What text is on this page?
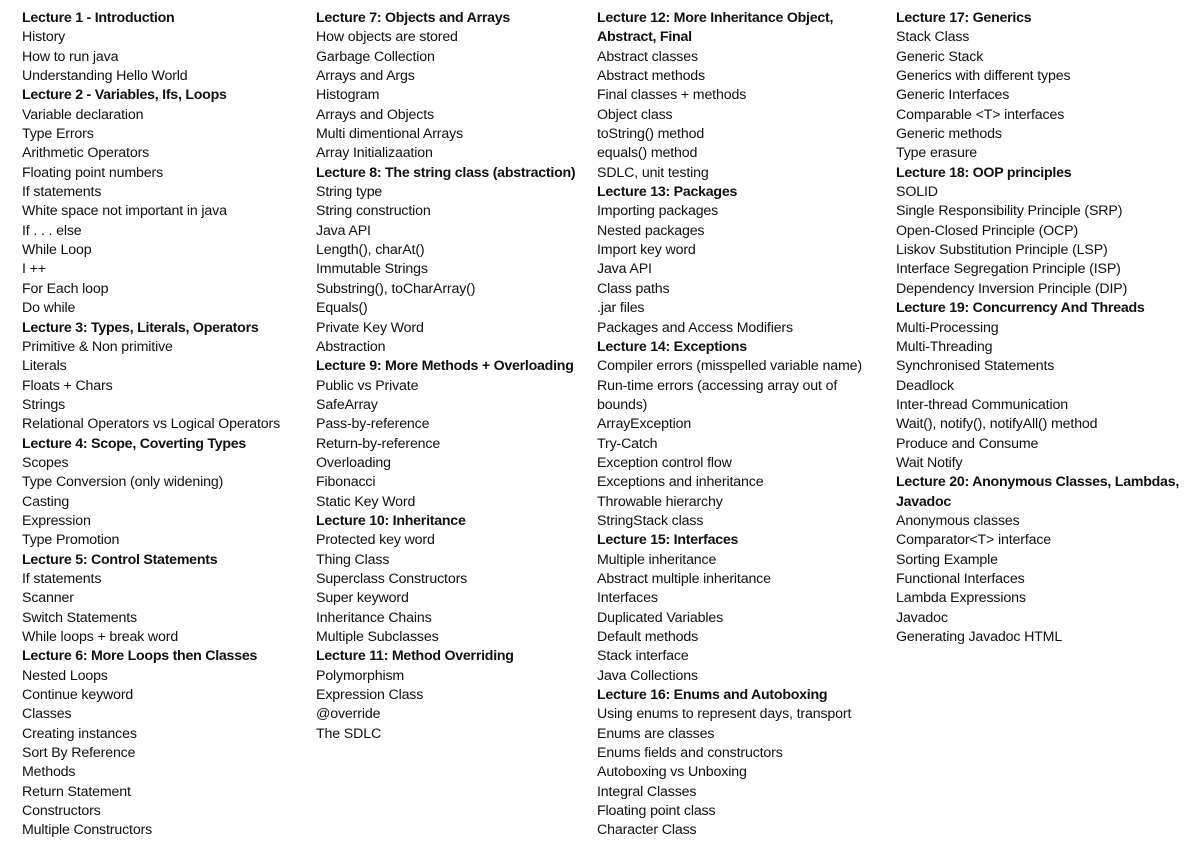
Lecture 1 - Introduction
History
How to run java
Understanding Hello World
Lecture 2 - Variables, Ifs, Loops
Variable declaration
Type Errors
Arithmetic Operators
Floating point numbers
If statements
White space not important in java
If . . . else
While Loop
I ++
For Each loop
Do while
Lecture 3: Types, Literals, Operators
Primitive & Non primitive
Literals
Floats + Chars
Strings
Relational Operators vs Logical Operators
Lecture 4: Scope, Coverting Types
Scopes
Type Conversion (only widening)
Casting
Expression
Type Promotion
Lecture 5: Control Statements
If statements
Scanner
Switch Statements
While loops + break word
Lecture 6: More Loops then Classes
Nested Loops
Continue keyword
Classes
Creating instances
Sort By Reference
Methods
Return Statement
Constructors
Multiple Constructors
Lecture 7: Objects and Arrays
How objects are stored
Garbage Collection
Arrays and Args
Histogram
Arrays and Objects
Multi dimentional Arrays
Array Initializaation
Lecture 8: The string class (abstraction)
String type
String construction
Java API
Length(), charAt()
Immutable Strings
Substring(), toCharArray()
Equals()
Private Key Word
Abstraction
Lecture 9: More Methods + Overloading
Public vs Private
SafeArray
Pass-by-reference
Return-by-reference
Overloading
Fibonacci
Static Key Word
Lecture 10: Inheritance
Protected key word
Thing Class
Superclass Constructors
Super keyword
Inheritance Chains
Multiple Subclasses
Lecture 11: Method Overriding
Polymorphism
Expression Class
@override
The SDLC
Lecture 12: More Inheritance Object,
Abstract, Final
Abstract classes
Abstract methods
Final classes + methods
Object class
toString() method
equals() method
SDLC, unit testing
Lecture 13: Packages
Importing packages
Nested packages
Import key word
Java API
Class paths
.jar files
Packages and Access Modifiers
Lecture 14: Exceptions
Compiler errors (misspelled variable name)
Run-time errors (accessing array out of
bounds)
ArrayException
Try-Catch
Exception control flow
Exceptions and inheritance
Throwable hierarchy
StringStack class
Lecture 15: Interfaces
Multiple inheritance
Abstract multiple inheritance
Interfaces
Duplicated Variables
Default methods
Stack interface
Java Collections
Lecture 16: Enums and Autoboxing
Using enums to represent days, transport
Enums are classes
Enums fields and constructors
Autoboxing vs Unboxing
Integral Classes
Floating point class
Character Class
Lecture 17: Generics
Stack Class
Generic Stack
Generics with different types
Generic Interfaces
Comparable <T> interfaces
Generic methods
Type erasure
Lecture 18: OOP principles
SOLID
Single Responsibility Principle (SRP)
Open-Closed Principle (OCP)
Liskov Substitution Principle (LSP)
Interface Segregation Principle (ISP)
Dependency Inversion Principle (DIP)
Lecture 19: Concurrency And Threads
Multi-Processing
Multi-Threading
Synchronised Statements
Deadlock
Inter-thread Communication
Wait(), notify(), notifyAll() method
Produce and Consume
Wait Notify
Lecture 20: Anonymous Classes, Lambdas,
Javadoc
Anonymous classes
Comparator<T> interface
Sorting Example
Functional Interfaces
Lambda Expressions
Javadoc
Generating Javadoc HTML
